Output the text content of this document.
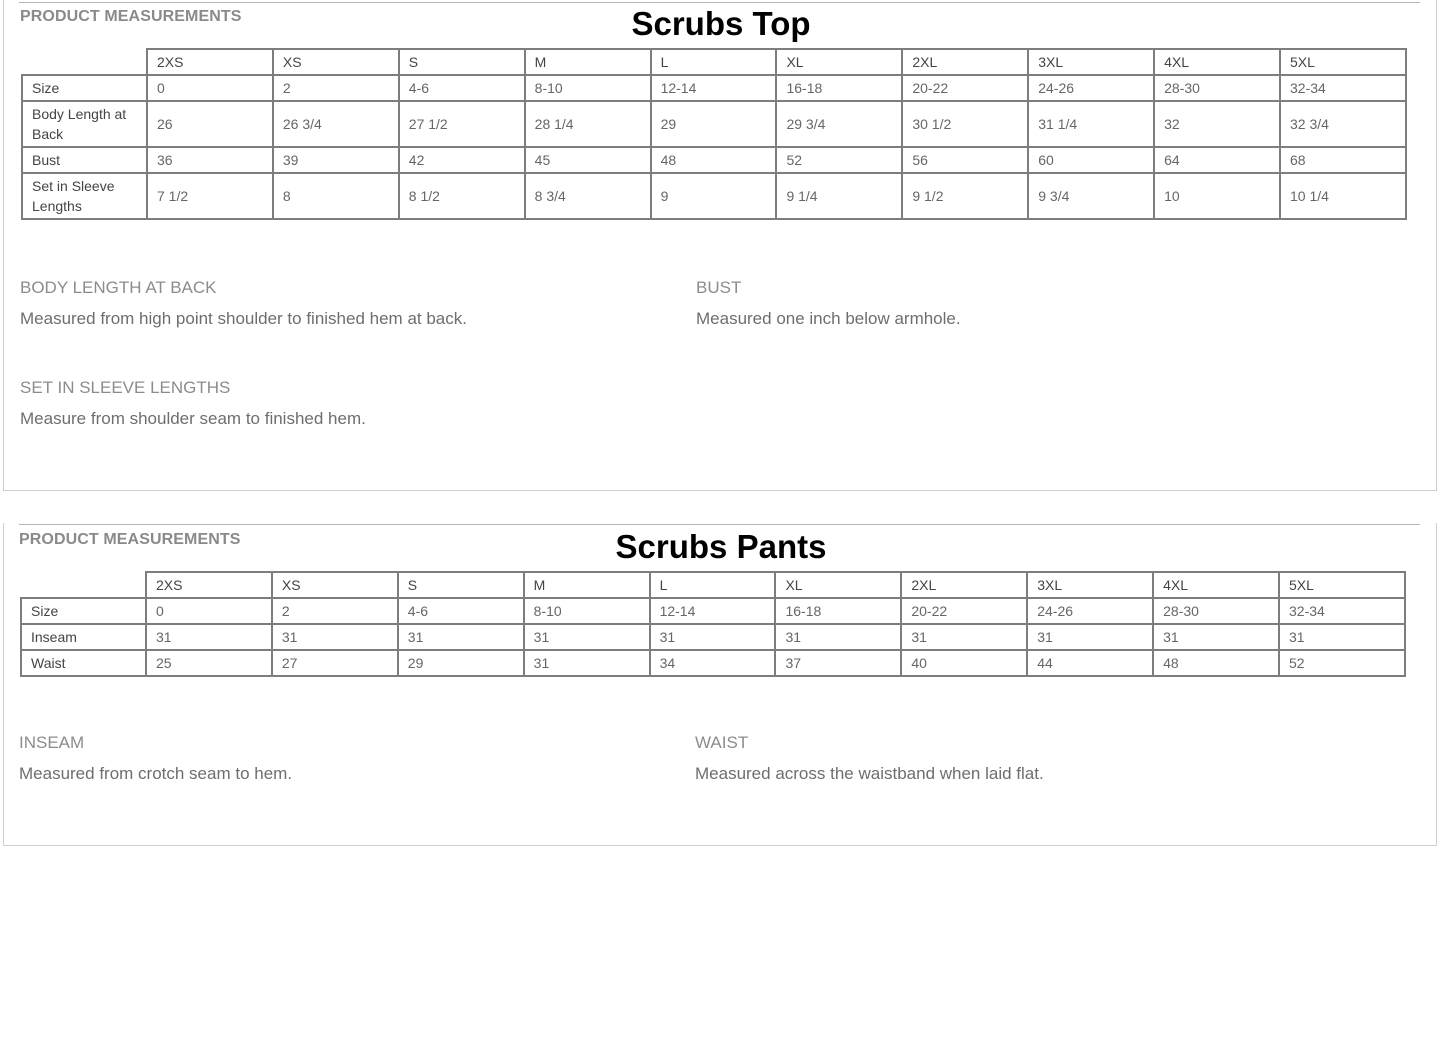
PRODUCT MEASUREMENTS	Scrubs Top
	2XS	XS	S	M	L	XL	2XL	3XL	4XL	5XL
Size	0	2	4-6	8-10	12-14	16-18	20-22	24-26	28-30	32-34
Body Length at Back	26	26 3/4	27 1/2	28 1/4	29	29 3/4	30 1/2	31 1/4	32	32 3/4
Bust	36	39	42	45	48	52	56	60	64	68
Set in Sleeve Lengths	7 1/2	8	8 1/2	8 3/4	9	9 1/4	9 1/2	9 3/4	10	10 1/4
BODY LENGTH AT BACK
Measured from high point shoulder to finished hem at back.
BUST
Measured one inch below armhole.
SET IN SLEEVE LENGTHS
Measure from shoulder seam to finished hem.
PRODUCT MEASUREMENTS	Scrubs Pants
	2XS	XS	S	M	L	XL	2XL	3XL	4XL	5XL
Size	0	2	4-6	8-10	12-14	16-18	20-22	24-26	28-30	32-34
Inseam	31	31	31	31	31	31	31	31	31	31
Waist	25	27	29	31	34	37	40	44	48	52
INSEAM
Measured from crotch seam to hem.
WAIST
Measured across the waistband when laid flat.
